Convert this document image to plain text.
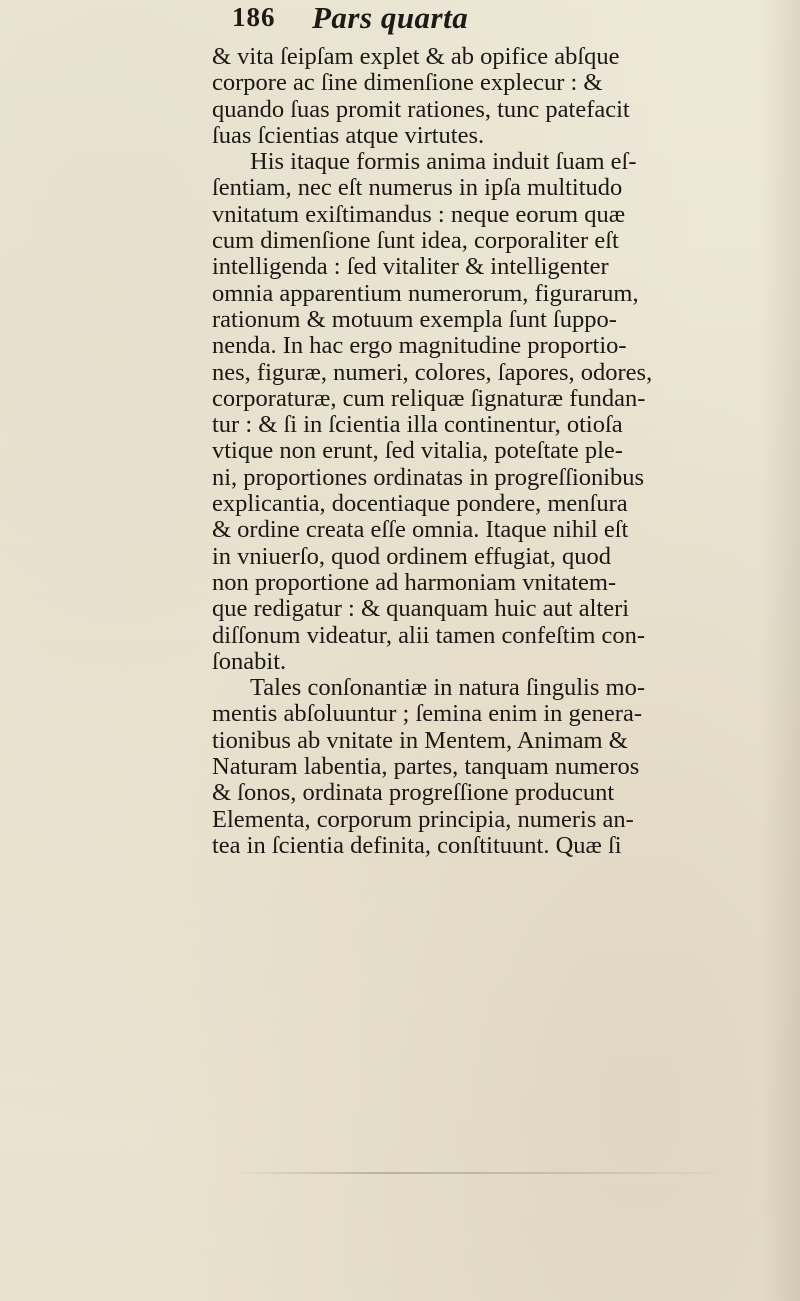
186 Pars quarta
& vita ſeipſam explet & ab opifice abſque
corpore ac ſine dimenſione explecur : &
quando ſuas promit rationes, tunc patefacit
ſuas ſcientias atque virtutes.
His itaque formis anima induit ſuam eſ-
ſentiam, nec eſt numerus in ipſa multitudo
vnitatum exiſtimandus : neque eorum quæ
cum dimenſione ſunt idea, corporaliter eſt
intelligenda : ſed vitaliter & intelligenter
omnia apparentium numerorum, figurarum,
rationum & motuum exempla ſunt ſuppo-
nenda. In hac ergo magnitudine proportio-
nes, figuræ, numeri, colores, ſapores, odores,
corporaturæ, cum reliquæ ſignaturæ fundan-
tur : & ſi in ſcientia illa continentur, otioſa
vtique non erunt, ſed vitalia, poteſtate ple-
ni, proportiones ordinatas in progreſſionibus
explicantia, docentiaque pondere, menſura
& ordine creata eſſe omnia. Itaque nihil eſt
in vniuerſo, quod ordinem effugiat, quod
non proportione ad harmoniam vnitatem-
que redigatur : & quanquam huic aut alteri
diſſonum videatur, alii tamen confeſtim con-
ſonabit.
Tales conſonantiæ in natura ſingulis mo-
mentis abſoluuntur ; ſemina enim in genera-
tionibus ab vnitate in Mentem, Animam &
Naturam labentia, partes, tanquam numeros
& ſonos, ordinata progreſſione producunt
Elementa, corporum principia, numeris an-
tea in ſcientia definita, conſtituunt. Quæ ſi
